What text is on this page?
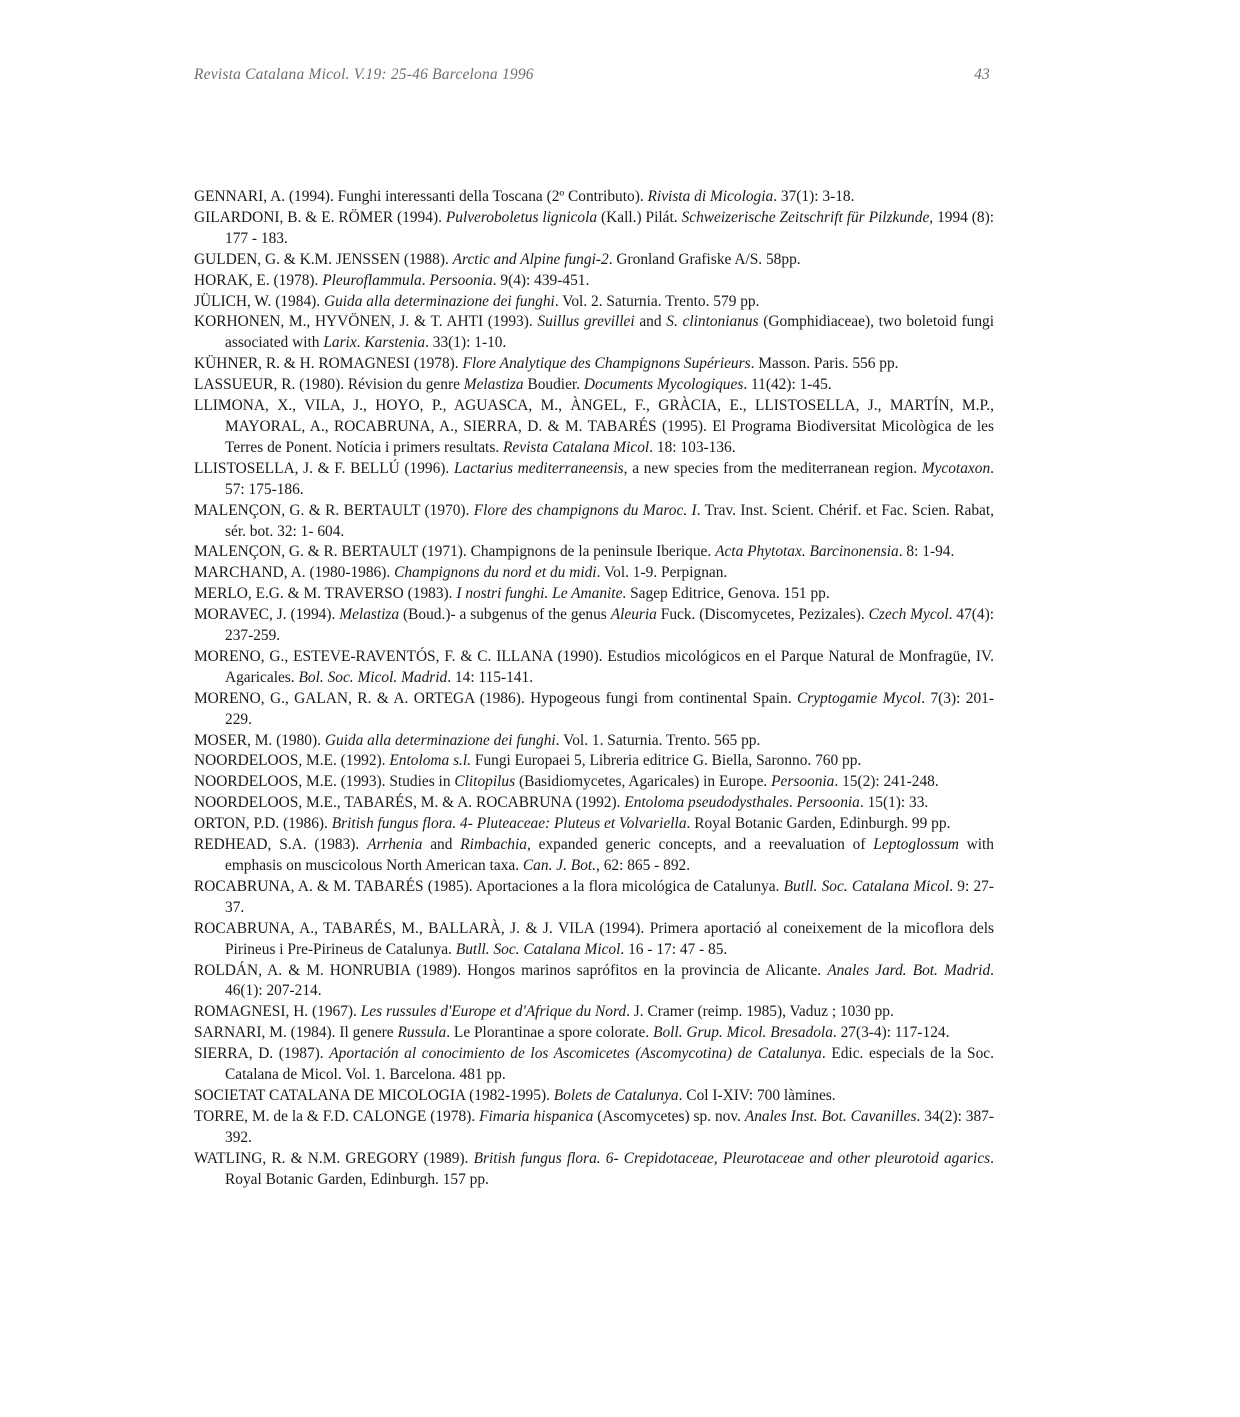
Revista Catalana Micol. V.19: 25-46 Barcelona 1996	43

GENNARI, A. (1994). Funghi interessanti della Toscana (2º Contributo). Rivista di Micologia. 37(1): 3-18.

GILARDONI, B. & E. RÖMER (1994). Pulveroboletus lignicola (Kall.) Pilát. Schweizerische Zeitschrift für Pilzkunde, 1994 (8): 177 - 183.

GULDEN, G. & K.M. JENSSEN (1988). Arctic and Alpine fungi-2. Gronland Grafiske A/S. 58pp.

HORAK, E. (1978). Pleuroflammula. Persoonia. 9(4): 439-451.

JÜLICH, W. (1984). Guida alla determinazione dei funghi. Vol. 2. Saturnia. Trento. 579 pp.

KORHONEN, M., HYVÖNEN, J. & T. AHTI (1993). Suillus grevillei and S. clintonianus (Gomphidiaceae), two boletoid fungi associated with Larix. Karstenia. 33(1): 1-10.

KÜHNER, R. & H. ROMAGNESI (1978). Flore Analytique des Champignons Supérieurs. Masson. Paris. 556 pp.

LASSUEUR, R. (1980). Révision du genre Melastiza Boudier. Documents Mycologiques. 11(42): 1-45.

LLIMONA, X., VILA, J., HOYO, P., AGUASCA, M., ÀNGEL, F., GRÀCIA, E., LLISTOSELLA, J., MARTÍN, M.P., MAYORAL, A., ROCABRUNA, A., SIERRA, D. & M. TABARÉS (1995). El Programa Biodiversitat Micològica de les Terres de Ponent. Notícia i primers resultats. Revista Catalana Micol. 18: 103-136.

LLISTOSELLA, J. & F. BELLÚ (1996). Lactarius mediterraneensis, a new species from the mediterranean region. Mycotaxon. 57: 175-186.

MALENÇON, G. & R. BERTAULT (1970). Flore des champignons du Maroc. I. Trav. Inst. Scient. Chérif. et Fac. Scien. Rabat, sér. bot. 32: 1- 604.

MALENÇON, G. & R. BERTAULT (1971). Champignons de la peninsule Iberique. Acta Phytotax. Barcinonensia. 8: 1-94.

MARCHAND, A. (1980-1986). Champignons du nord et du midi. Vol. 1-9. Perpignan.

MERLO, E.G. & M. TRAVERSO (1983). I nostri funghi. Le Amanite. Sagep Editrice, Genova. 151 pp.

MORAVEC, J. (1994). Melastiza (Boud.)- a subgenus of the genus Aleuria Fuck. (Discomycetes, Pezizales). Czech Mycol. 47(4): 237-259.

MORENO, G., ESTEVE-RAVENTÓS, F. & C. ILLANA (1990). Estudios micológicos en el Parque Natural de Monfragüe, IV. Agaricales. Bol. Soc. Micol. Madrid. 14: 115-141.

MORENO, G., GALAN, R. & A. ORTEGA (1986). Hypogeous fungi from continental Spain. Cryptogamie Mycol. 7(3): 201-229.

MOSER, M. (1980). Guida alla determinazione dei funghi. Vol. 1. Saturnia. Trento. 565 pp.

NOORDELOOS, M.E. (1992). Entoloma s.l. Fungi Europaei 5, Libreria editrice G. Biella, Saronno. 760 pp.

NOORDELOOS, M.E. (1993). Studies in Clitopilus (Basidiomycetes, Agaricales) in Europe. Persoonia. 15(2): 241-248.

NOORDELOOS, M.E., TABARÉS, M. & A. ROCABRUNA (1992). Entoloma pseudodysthales. Persoonia. 15(1): 33.

ORTON, P.D. (1986). British fungus flora. 4- Pluteaceae: Pluteus et Volvariella. Royal Botanic Garden, Edinburgh. 99 pp.

REDHEAD, S.A. (1983). Arrhenia and Rimbachia, expanded generic concepts, and a reevaluation of Leptoglossum with emphasis on muscicolous North American taxa. Can. J. Bot., 62: 865 - 892.

ROCABRUNA, A. & M. TABARÉS (1985). Aportaciones a la flora micológica de Catalunya. Butll. Soc. Catalana Micol. 9: 27-37.

ROCABRUNA, A., TABARÉS, M., BALLARÀ, J. & J. VILA (1994). Primera aportació al coneixement de la micoflora dels Pirineus i Pre-Pirineus de Catalunya. Butll. Soc. Catalana Micol. 16 - 17: 47 - 85.

ROLDÁN, A. & M. HONRUBIA (1989). Hongos marinos saprófitos en la provincia de Alicante. Anales Jard. Bot. Madrid. 46(1): 207-214.

ROMAGNESI, H. (1967). Les russules d'Europe et d'Afrique du Nord. J. Cramer (reimp. 1985), Vaduz ; 1030 pp.

SARNARI, M. (1984). Il genere Russula. Le Plorantinae a spore colorate. Boll. Grup. Micol. Bresadola. 27(3-4): 117-124.

SIERRA, D. (1987). Aportación al conocimiento de los Ascomicetes (Ascomycotina) de Catalunya. Edic. especials de la Soc. Catalana de Micol. Vol. 1. Barcelona. 481 pp.

SOCIETAT CATALANA DE MICOLOGIA (1982-1995). Bolets de Catalunya. Col I-XIV: 700 làmines.

TORRE, M. de la & F.D. CALONGE (1978). Fimaria hispanica (Ascomycetes) sp. nov. Anales Inst. Bot. Cavanilles. 34(2): 387-392.

WATLING, R. & N.M. GREGORY (1989). British fungus flora. 6- Crepidotaceae, Pleurotaceae and other pleurotoid agarics. Royal Botanic Garden, Edinburgh. 157 pp.
